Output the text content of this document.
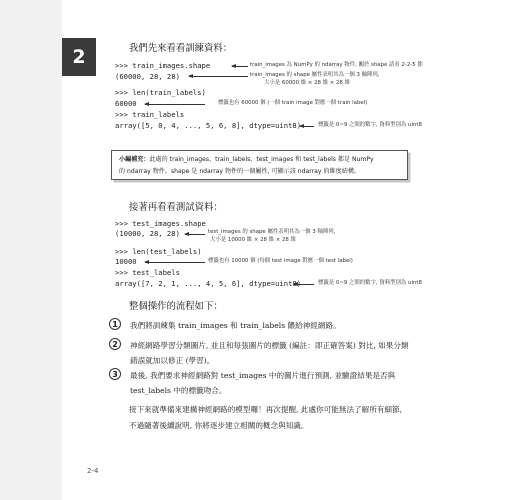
2	我們先來看看訓練資料：
>>> train_images.shape
(60000, 28, 28)
>>> len(train_labels)
60000
>>> train_labels
array([5, 0, 4, ..., 5, 6, 8], dtype=uint8)
train_images 為 NumPy 的 ndarray 物件, 關於 shape 請看 2-2-5 節
train_images 的 shape 屬性表明其為一個 3 軸陣列,
大小是 60000 維 × 28 維 × 28 維
標籤也有 60000 個 (一個 train image 對應一個 train label)
標籤是 0~9 之間的數字, 資料型別為 uint8
小編補充：此處的 train_images、train_labels、test_images 和 test_labels 都是 NumPy
的 ndarray 物件。shape 是 ndarray 物件的一個屬性, 可顯示該 ndarray 的維度結構。
接著再看看測試資料：
>>> test_images.shape
(10000, 28, 28)
>>> len(test_labels)
10000
>>> test_labels
array([7, 2, 1, ..., 4, 5, 6], dtype=uint8)
test_images 的 shape 屬性表明其為一個 3 軸陣列,
大小是 10000 維 × 28 維 × 28 維
標籤也有 10000 個 (每個 test image 對應一個 test label)
標籤是 0~9 之間的數字, 資料型別為 uint8
整個操作的流程如下：
1	我們將訓練集 train_images 和 train_labels 餵給神經網路。
2	神經網路學習分類圖片, 並且和每張圖片的標籤 (編註：即正確答案) 對比, 如果分類錯誤就加以修正 (學習)。
3	最後, 我們要求神經網路對 test_images 中的圖片進行預測, 並驗證結果是否與 test_labels 中的標籤吻合。
接下來就準備來建構神經網路的模型囉！再次提醒, 此處你可能無法了解所有細節, 不過隨著後續說明, 你將逐步建立相關的概念與知識。
2-4
